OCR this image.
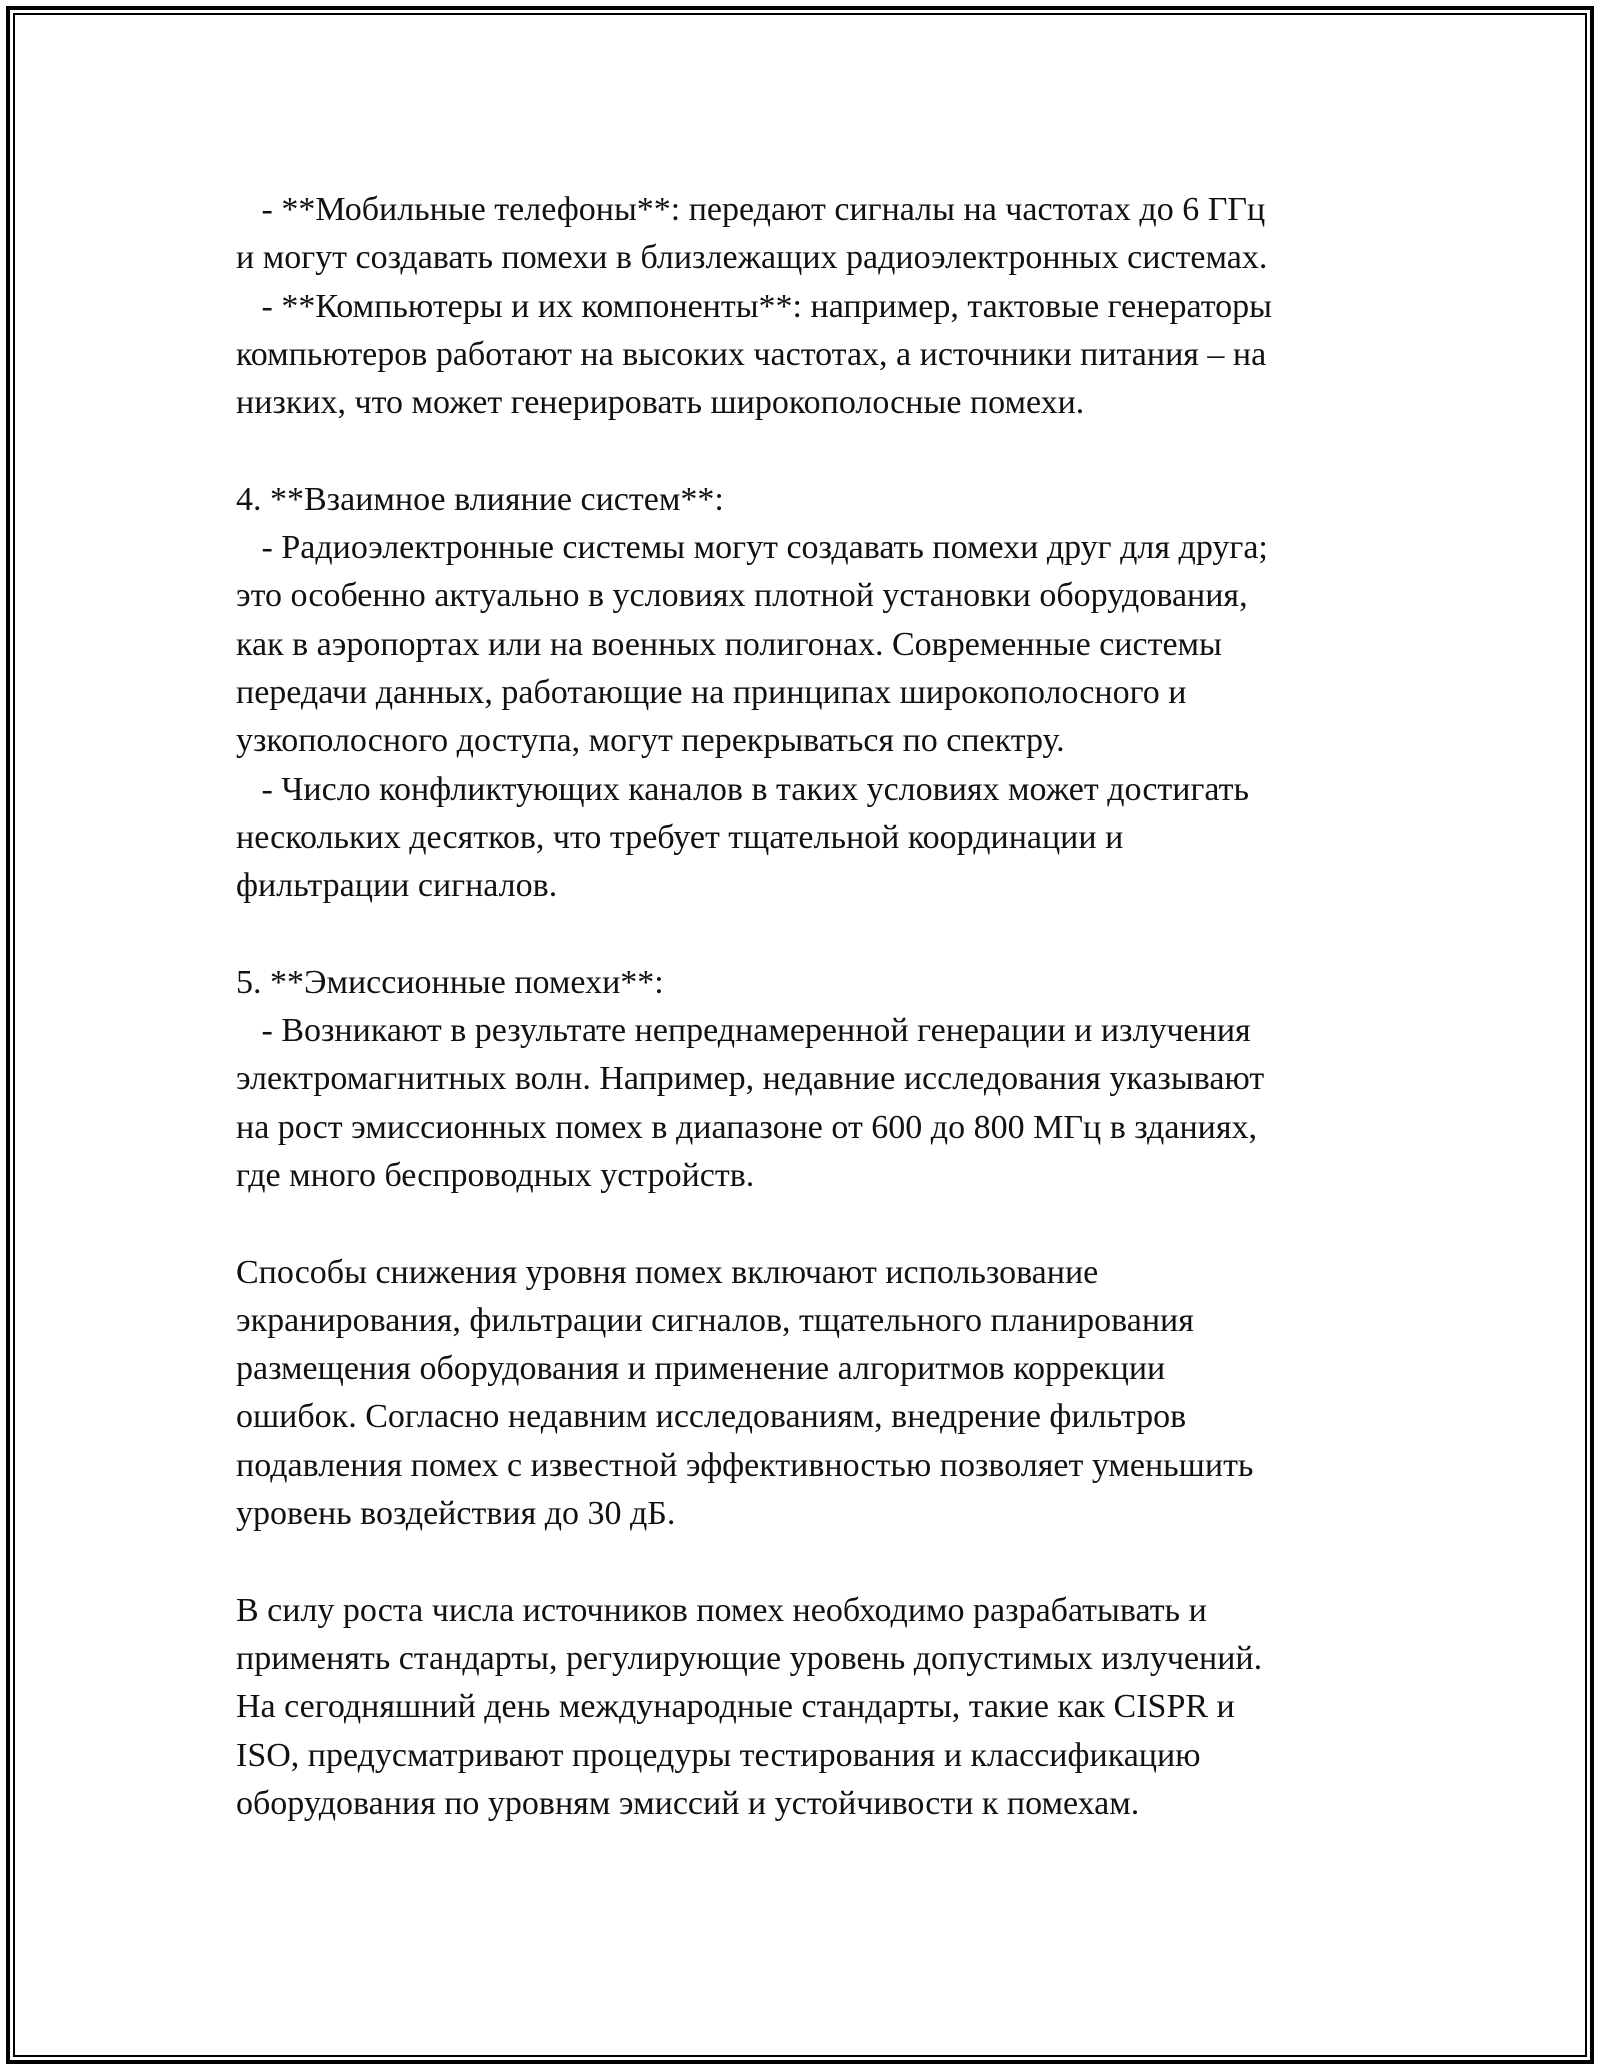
- **Мобильные телефоны**: передают сигналы на частотах до 6 ГГц
и могут создавать помехи в близлежащих радиоэлектронных системах.
- **Компьютеры и их компоненты**: например, тактовые генераторы
компьютеров работают на высоких частотах, а источники питания – на
низких, что может генерировать широкополосные помехи.
4. **Взаимное влияние систем**:
- Радиоэлектронные системы могут создавать помехи друг для друга;
это особенно актуально в условиях плотной установки оборудования,
как в аэропортах или на военных полигонах. Современные системы
передачи данных, работающие на принципах широкополосного и
узкополосного доступа, могут перекрываться по спектру.
- Число конфликтующих каналов в таких условиях может достигать
нескольких десятков, что требует тщательной координации и
фильтрации сигналов.
5. **Эмиссионные помехи**:
- Возникают в результате непреднамеренной генерации и излучения
электромагнитных волн. Например, недавние исследования указывают
на рост эмиссионных помех в диапазоне от 600 до 800 МГц в зданиях,
где много беспроводных устройств.
Способы снижения уровня помех включают использование
экранирования, фильтрации сигналов, тщательного планирования
размещения оборудования и применение алгоритмов коррекции
ошибок. Согласно недавним исследованиям, внедрение фильтров
подавления помех с известной эффективностью позволяет уменьшить
уровень воздействия до 30 дБ.
В силу роста числа источников помех необходимо разрабатывать и
применять стандарты, регулирующие уровень допустимых излучений.
На сегодняшний день международные стандарты, такие как CISPR и
ISO, предусматривают процедуры тестирования и классификацию
оборудования по уровням эмиссий и устойчивости к помехам.
